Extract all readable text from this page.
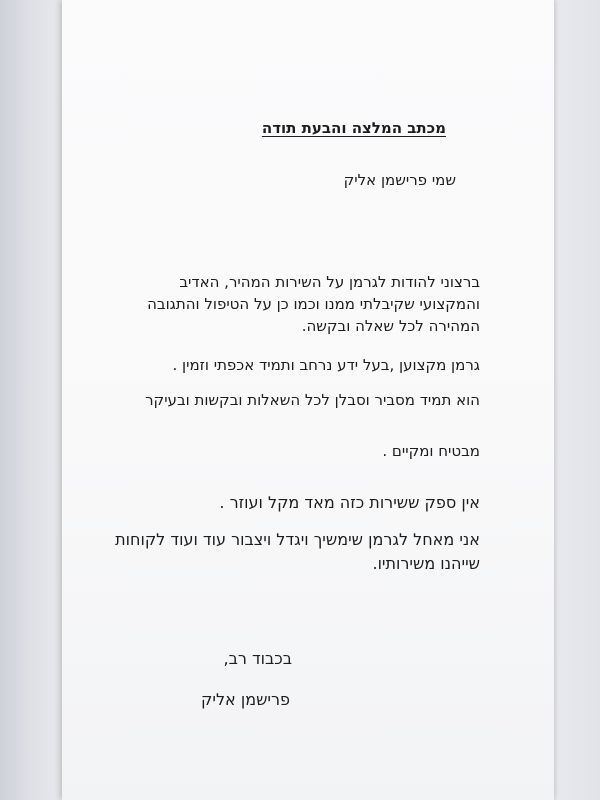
מכתב המלצה והבעת תודה
שמי פרישמן אליק
ברצוני להודות לגרמן על השירות המהיר, האדיב
והמקצועי שקיבלתי ממנו וכמו כן על הטיפול והתגובה
המהירה לכל שאלה ובקשה.
גרמן מקצוען ,בעל ידע נרחב ותמיד אכפתי וזמין .
הוא תמיד מסביר וסבלן לכל השאלות ובקשות ובעיקר
מבטיח ומקיים .
אין ספק ששירות כזה מאד מקל ועוזר .
אני מאחל לגרמן שימשיך ויגדל ויצבור עוד ועוד לקוחות
שייהנו משירותיו.
בכבוד רב,
פרישמן אליק
